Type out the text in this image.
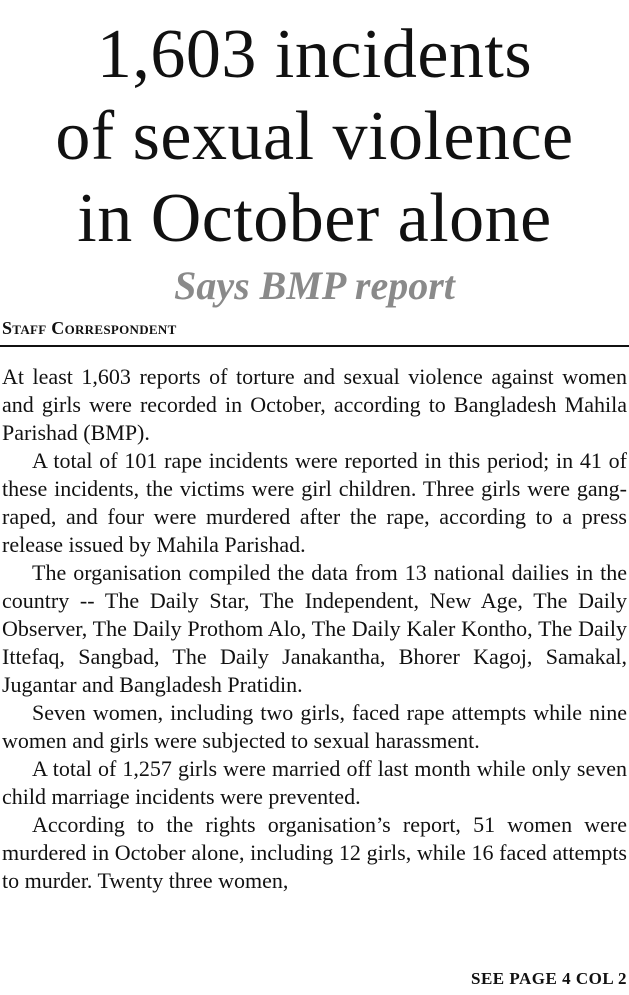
1,603 incidents
of sexual violence
in October alone
Says BMP report
Staff Correspondent

At least 1,603 reports of torture and sexual violence against women and girls were recorded in October, according to Bangladesh Mahila Parishad (BMP).

A total of 101 rape incidents were reported in this period; in 41 of these incidents, the victims were girl children. Three girls were gang-raped, and four were murdered after the rape, according to a press release issued by Mahila Parishad.

The organisation compiled the data from 13 national dailies in the country -- The Daily Star, The Independent, New Age, The Daily Observer, The Daily Prothom Alo, The Daily Kaler Kontho, The Daily Ittefaq, Sangbad, The Daily Janakantha, Bhorer Kagoj, Samakal, Jugantar and Bangladesh Pratidin.

Seven women, including two girls, faced rape attempts while nine women and girls were subjected to sexual harassment.

A total of 1,257 girls were married off last month while only seven child marriage incidents were prevented.

According to the rights organisation’s report, 51 women were murdered in October alone, including 12 girls, while 16 faced attempts to murder. Twenty three women,

SEE PAGE 4 COL 2
